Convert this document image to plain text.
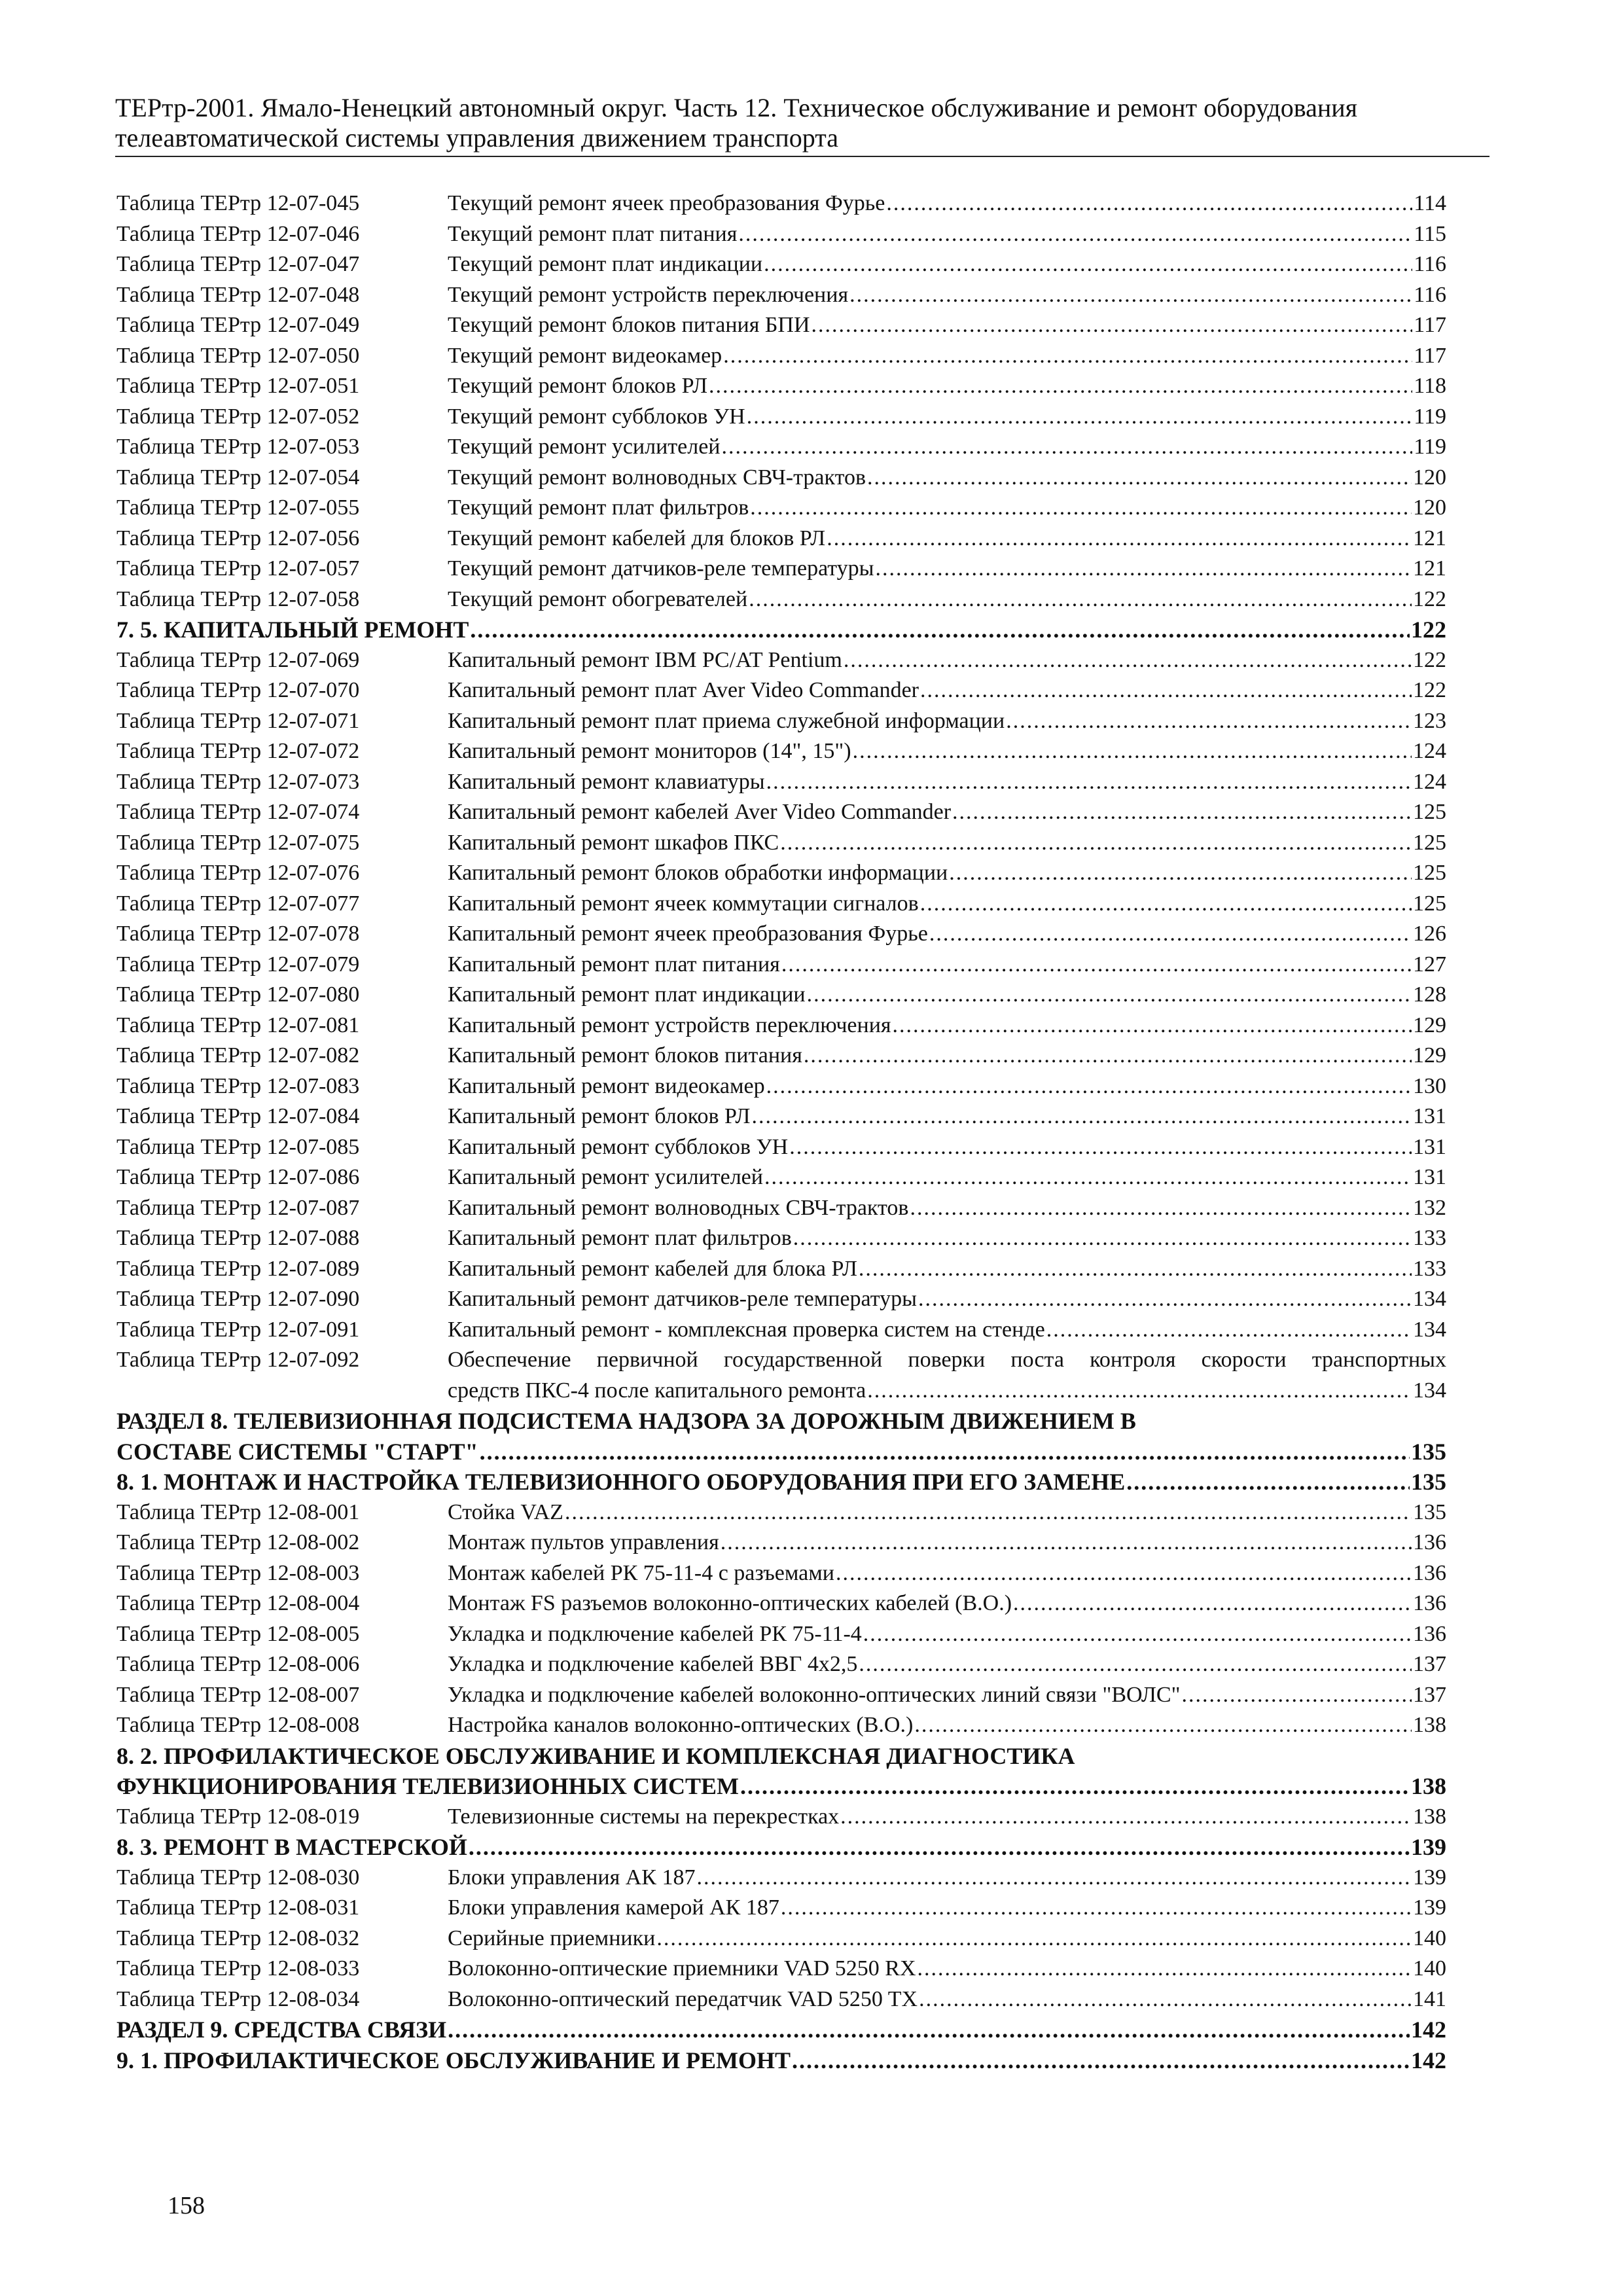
ТЕРтр-2001. Ямало-Ненецкий автономный округ. Часть 12. Техническое обслуживание и ремонт оборудования
телеавтоматической системы управления движением транспорта
Таблица ТЕРтр 12-07-045	Текущий ремонт ячеек преобразования Фурье .....	114
Таблица ТЕРтр 12-07-046	Текущий ремонт плат питания .....	115
Таблица ТЕРтр 12-07-047	Текущий ремонт плат индикации .....	116
Таблица ТЕРтр 12-07-048	Текущий ремонт устройств переключения .....	116
Таблица ТЕРтр 12-07-049	Текущий ремонт блоков питания БПИ .....	117
Таблица ТЕРтр 12-07-050	Текущий ремонт видеокамер .....	117
Таблица ТЕРтр 12-07-051	Текущий ремонт блоков РЛ .....	118
Таблица ТЕРтр 12-07-052	Текущий ремонт субблоков УН .....	119
Таблица ТЕРтр 12-07-053	Текущий ремонт усилителей .....	119
Таблица ТЕРтр 12-07-054	Текущий ремонт волноводных СВЧ-трактов .....	120
Таблица ТЕРтр 12-07-055	Текущий ремонт плат фильтров .....	120
Таблица ТЕРтр 12-07-056	Текущий ремонт кабелей для блоков РЛ .....	121
Таблица ТЕРтр 12-07-057	Текущий ремонт датчиков-реле температуры .....	121
Таблица ТЕРтр 12-07-058	Текущий ремонт обогревателей .....	122
7. 5. КАПИТАЛЬНЫЙ РЕМОНТ .....	122
Таблица ТЕРтр 12-07-069	Капитальный ремонт IBM PC/AT Pentium .....	122
Таблица ТЕРтр 12-07-070	Капитальный ремонт плат Aver Video Commander .....	122
Таблица ТЕРтр 12-07-071	Капитальный ремонт плат приема служебной информации .....	123
Таблица ТЕРтр 12-07-072	Капитальный ремонт мониторов (14", 15") .....	124
Таблица ТЕРтр 12-07-073	Капитальный ремонт клавиатуры .....	124
Таблица ТЕРтр 12-07-074	Капитальный ремонт кабелей Aver Video Commander .....	125
Таблица ТЕРтр 12-07-075	Капитальный ремонт шкафов ПКС .....	125
Таблица ТЕРтр 12-07-076	Капитальный ремонт блоков обработки информации .....	125
Таблица ТЕРтр 12-07-077	Капитальный ремонт ячеек коммутации сигналов .....	125
Таблица ТЕРтр 12-07-078	Капитальный ремонт ячеек преобразования Фурье .....	126
Таблица ТЕРтр 12-07-079	Капитальный ремонт плат питания .....	127
Таблица ТЕРтр 12-07-080	Капитальный ремонт плат индикации .....	128
Таблица ТЕРтр 12-07-081	Капитальный ремонт устройств переключения .....	129
Таблица ТЕРтр 12-07-082	Капитальный ремонт блоков питания .....	129
Таблица ТЕРтр 12-07-083	Капитальный ремонт видеокамер .....	130
Таблица ТЕРтр 12-07-084	Капитальный ремонт блоков РЛ .....	131
Таблица ТЕРтр 12-07-085	Капитальный ремонт субблоков УН .....	131
Таблица ТЕРтр 12-07-086	Капитальный ремонт усилителей .....	131
Таблица ТЕРтр 12-07-087	Капитальный ремонт волноводных СВЧ-трактов .....	132
Таблица ТЕРтр 12-07-088	Капитальный ремонт плат фильтров .....	133
Таблица ТЕРтр 12-07-089	Капитальный ремонт кабелей для блока РЛ .....	133
Таблица ТЕРтр 12-07-090	Капитальный ремонт датчиков-реле температуры .....	134
Таблица ТЕРтр 12-07-091	Капитальный ремонт - комплексная проверка систем на стенде .....	134
Таблица ТЕРтр 12-07-092	Обеспечение первичной государственной поверки поста контроля скорости транспортных
средств ПКС-4 после капитального ремонта .....	134
РАЗДЕЛ 8. ТЕЛЕВИЗИОННАЯ ПОДСИСТЕМА НАДЗОРА ЗА ДОРОЖНЫМ ДВИЖЕНИЕМ В
СОСТАВЕ СИСТЕМЫ "СТАРТ" .....	135
8. 1. МОНТАЖ И НАСТРОЙКА ТЕЛЕВИЗИОННОГО ОБОРУДОВАНИЯ ПРИ ЕГО ЗАМЕНЕ .....	135
Таблица ТЕРтр 12-08-001	Стойка VAZ .....	135
Таблица ТЕРтр 12-08-002	Монтаж пультов управления .....	136
Таблица ТЕРтр 12-08-003	Монтаж кабелей РК 75-11-4 с разъемами .....	136
Таблица ТЕРтр 12-08-004	Монтаж FS разъемов волоконно-оптических кабелей (В.О.) .....	136
Таблица ТЕРтр 12-08-005	Укладка и подключение кабелей РК 75-11-4 .....	136
Таблица ТЕРтр 12-08-006	Укладка и подключение кабелей ВВГ 4х2,5 .....	137
Таблица ТЕРтр 12-08-007	Укладка и подключение кабелей волоконно-оптических линий связи "ВОЛС" .....	137
Таблица ТЕРтр 12-08-008	Настройка каналов волоконно-оптических (В.О.) .....	138
8. 2. ПРОФИЛАКТИЧЕСКОЕ ОБСЛУЖИВАНИЕ И КОМПЛЕКСНАЯ ДИАГНОСТИКА
ФУНКЦИОНИРОВАНИЯ ТЕЛЕВИЗИОННЫХ СИСТЕМ .....	138
Таблица ТЕРтр 12-08-019	Телевизионные системы на перекрестках .....	138
8. 3. РЕМОНТ В МАСТЕРСКОЙ .....	139
Таблица ТЕРтр 12-08-030	Блоки управления АК 187 .....	139
Таблица ТЕРтр 12-08-031	Блоки управления камерой АК 187 .....	139
Таблица ТЕРтр 12-08-032	Серийные приемники .....	140
Таблица ТЕРтр 12-08-033	Волоконно-оптические приемники VAD 5250 RX .....	140
Таблица ТЕРтр 12-08-034	Волоконно-оптический передатчик VAD 5250 TX .....	141
РАЗДЕЛ 9. СРЕДСТВА СВЯЗИ .....	142
9. 1. ПРОФИЛАКТИЧЕСКОЕ ОБСЛУЖИВАНИЕ И РЕМОНТ .....	142
158
